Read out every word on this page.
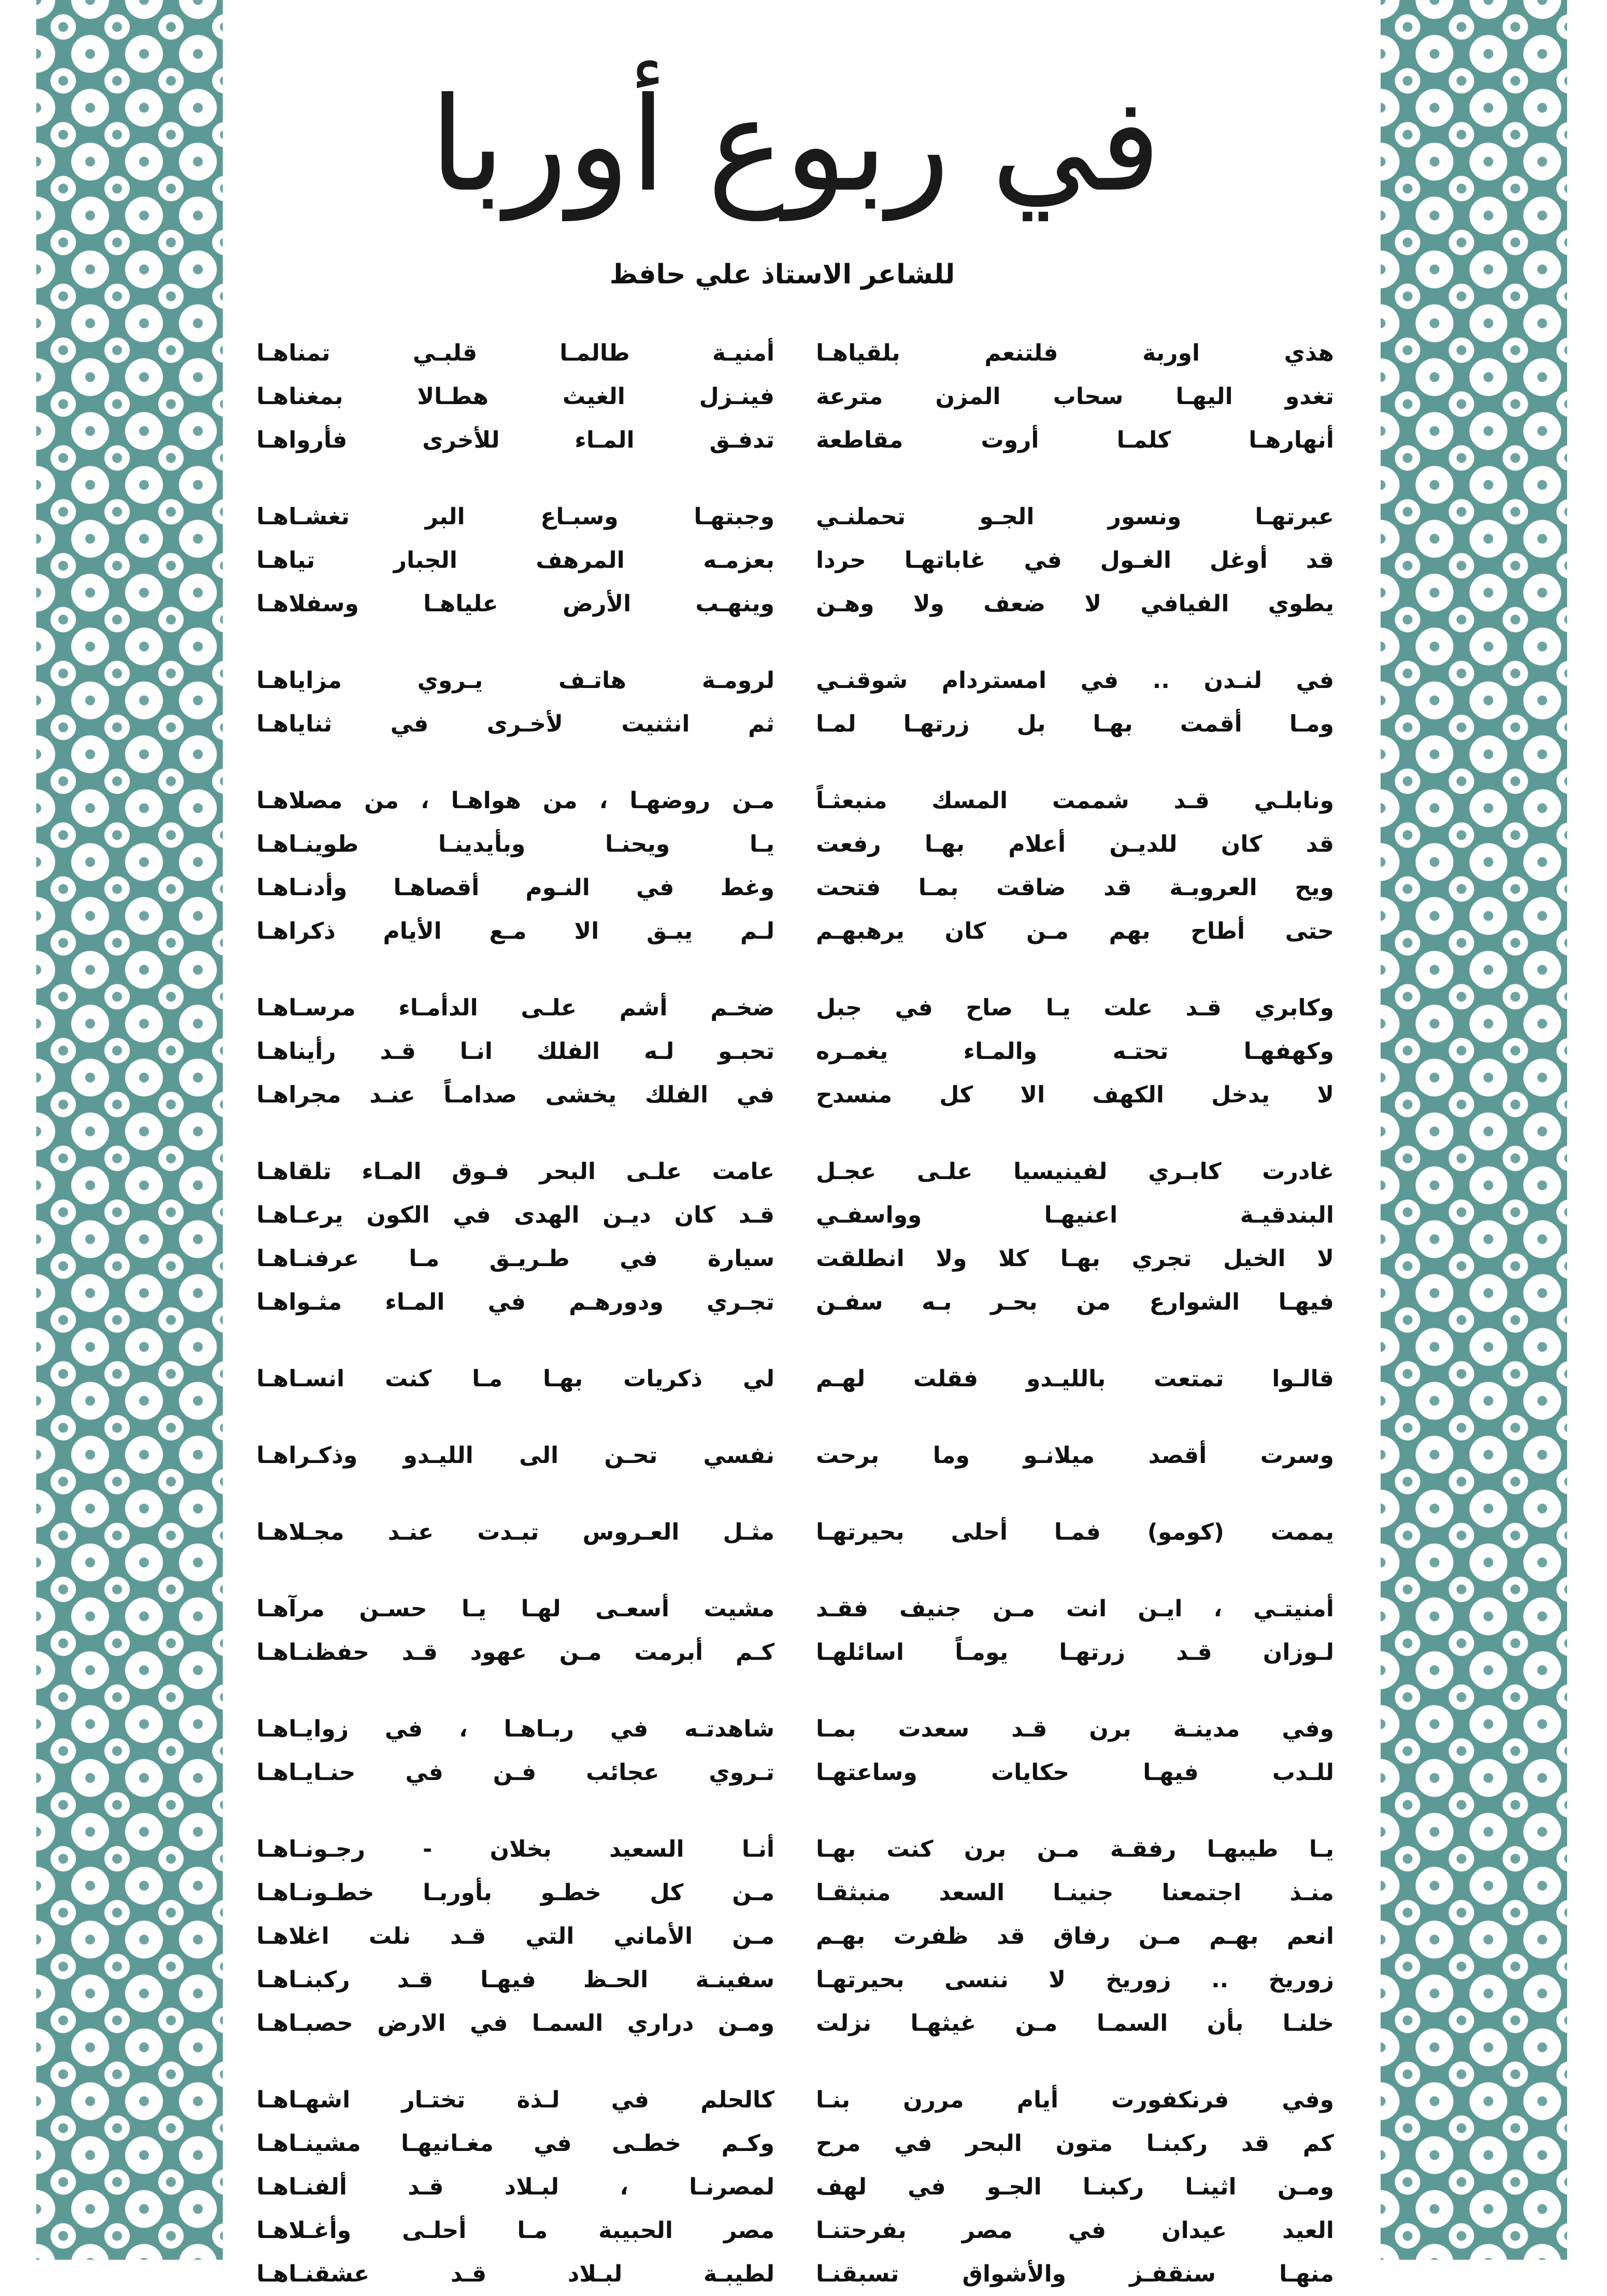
في ربوع أوربا
للشاعر الاستاذ علي حافظ
هذي اوربة فلتنعم بلقياهـا
تغدو اليهـا سحاب المزن مترعة
أنهارهـا كلمـا أروت مقاطعة
عبرتهـا ونسور الجـو تحملنـي
قد أوغل الغـول في غاباتهـا حردا
يطوي الفيافي لا ضعف ولا وهـن
في لنـدن .. في امستردام شوقنـي
ومـا أقمت بهـا بل زرتهـا لمـا
ونابلـي قـد شممت المسك منبعثـاً
قد كان للديـن أعلام بهـا رفعت
ويح العروبـة قد ضاقت بمـا فتحت
حتى أطاح بهم مـن كان يرهبهـم
وكابري قـد علت يـا صاح في جبل
وكهفهـا تحتـه والمـاء يغمـره
لا يدخل الكهف الا كل منسدح
غادرت كابـري لفينيسيا علـى عجـل
البندقيـة اعنيهـا وواسفـي
لا الخيل تجري بهـا كلا ولا انطلقت
فيهـا الشوارع من بحـر بـه سفـن
قالـوا تمتعت بالليـدو فقلت لهـم
وسرت أقصد ميلانـو وما برحت
يممت (كومو) فمـا أحلى بحيرتهـا
أمنيتـي ، ايـن انت مـن جنيف فقـد
لـوزان قـد زرتهـا يومـاً اسائلهـا
وفي مدينـة برن قـد سعدت بمـا
للـدب فيهـا حكايات وساعتهـا
يـا طيبهـا رفقـة مـن برن كنت بهـا
منـذ اجتمعنا جنينـا السعد منبثقـا
انعم بهـم مـن رفاق قد ظفرت بهـم
زوريخ .. زوريخ لا ننسى بحيرتهـا
خلنـا بأن السمـا مـن غيثهـا نزلت
وفي فرنكفورت أيام مررن بنـا
كم قد ركبنـا متون البحر في مرح
ومـن اثينـا ركبنـا الجـو في لهف
العيد عيدان في مصر بفرحتنـا
منهـا سنقفـز والأشواق تسبقنـا
أمنيـة طالمـا قلبـي تمناهـا
فينـزل الغيث هطـالا بمغناهـا
تدفـق المـاء للأخرى فأرواهـا
وجبتهـا وسبـاع البر تغشـاهـا
بعزمـه المرهف الجبار تياهـا
وينهـب الأرض علياهـا وسفلاهـا
لرومـة هاتـف يـروي مزاياهـا
ثم انثنيت لأخـرى في ثناياهـا
مـن روضهـا ، من هواهـا ، من مصلاهـا
يـا ويحنـا وبأيدينـا طوينـاهـا
وغط في النـوم أقصاهـا وأدنـاهـا
لـم يبـق الا مـع الأيام ذكراهـا
ضخـم أشم علـى الدأمـاء مرسـاهـا
تحبـو لـه الفلك انـا قـد رأيناهـا
في الفلك يخشى صدامـاً عنـد مجراهـا
عامت علـى البحر فـوق المـاء تلقاهـا
قـد كان ديـن الهدى في الكون يرعـاهـا
سيارة في طـريـق مـا عرفنـاهـا
تجـري ودورهـم في المـاء مثـواهـا
لي ذكريات بهـا مـا كنت انسـاهـا
نفسي تحـن الى الليـدو وذكـراهـا
مثـل العـروس تبـدت عنـد مجـلاهـا
مشيت أسعـى لهـا يـا حسـن مرآهـا
كـم أبرمت مـن عهود قـد حفظنـاهـا
شاهدتـه في ربـاهـا ، في زوايـاهـا
تـروي عجائب فـن في حنـايـاهـا
أنـا السعيد بخلان - رجـونـاهـا
مـن كل خطـو بأوربـا خطـونـاهـا
مـن الأماني التي قـد نلت اغلاهـا
سفينـة الحـظ فيهـا قـد ركبنـاهـا
ومـن دراري السمـا في الارض حصبـاهـا
كالحلم في لـذة تختـار اشهـاهـا
وكـم خطـى في مغـانيهـا مشينـاهـا
لمصرنـا ، لبـلاد قـد ألفنـاهـا
مصر الحبيبة مـا أحلـى وأغـلاهـا
لطيبـة لبـلاد قـد عشقنـاهـا
